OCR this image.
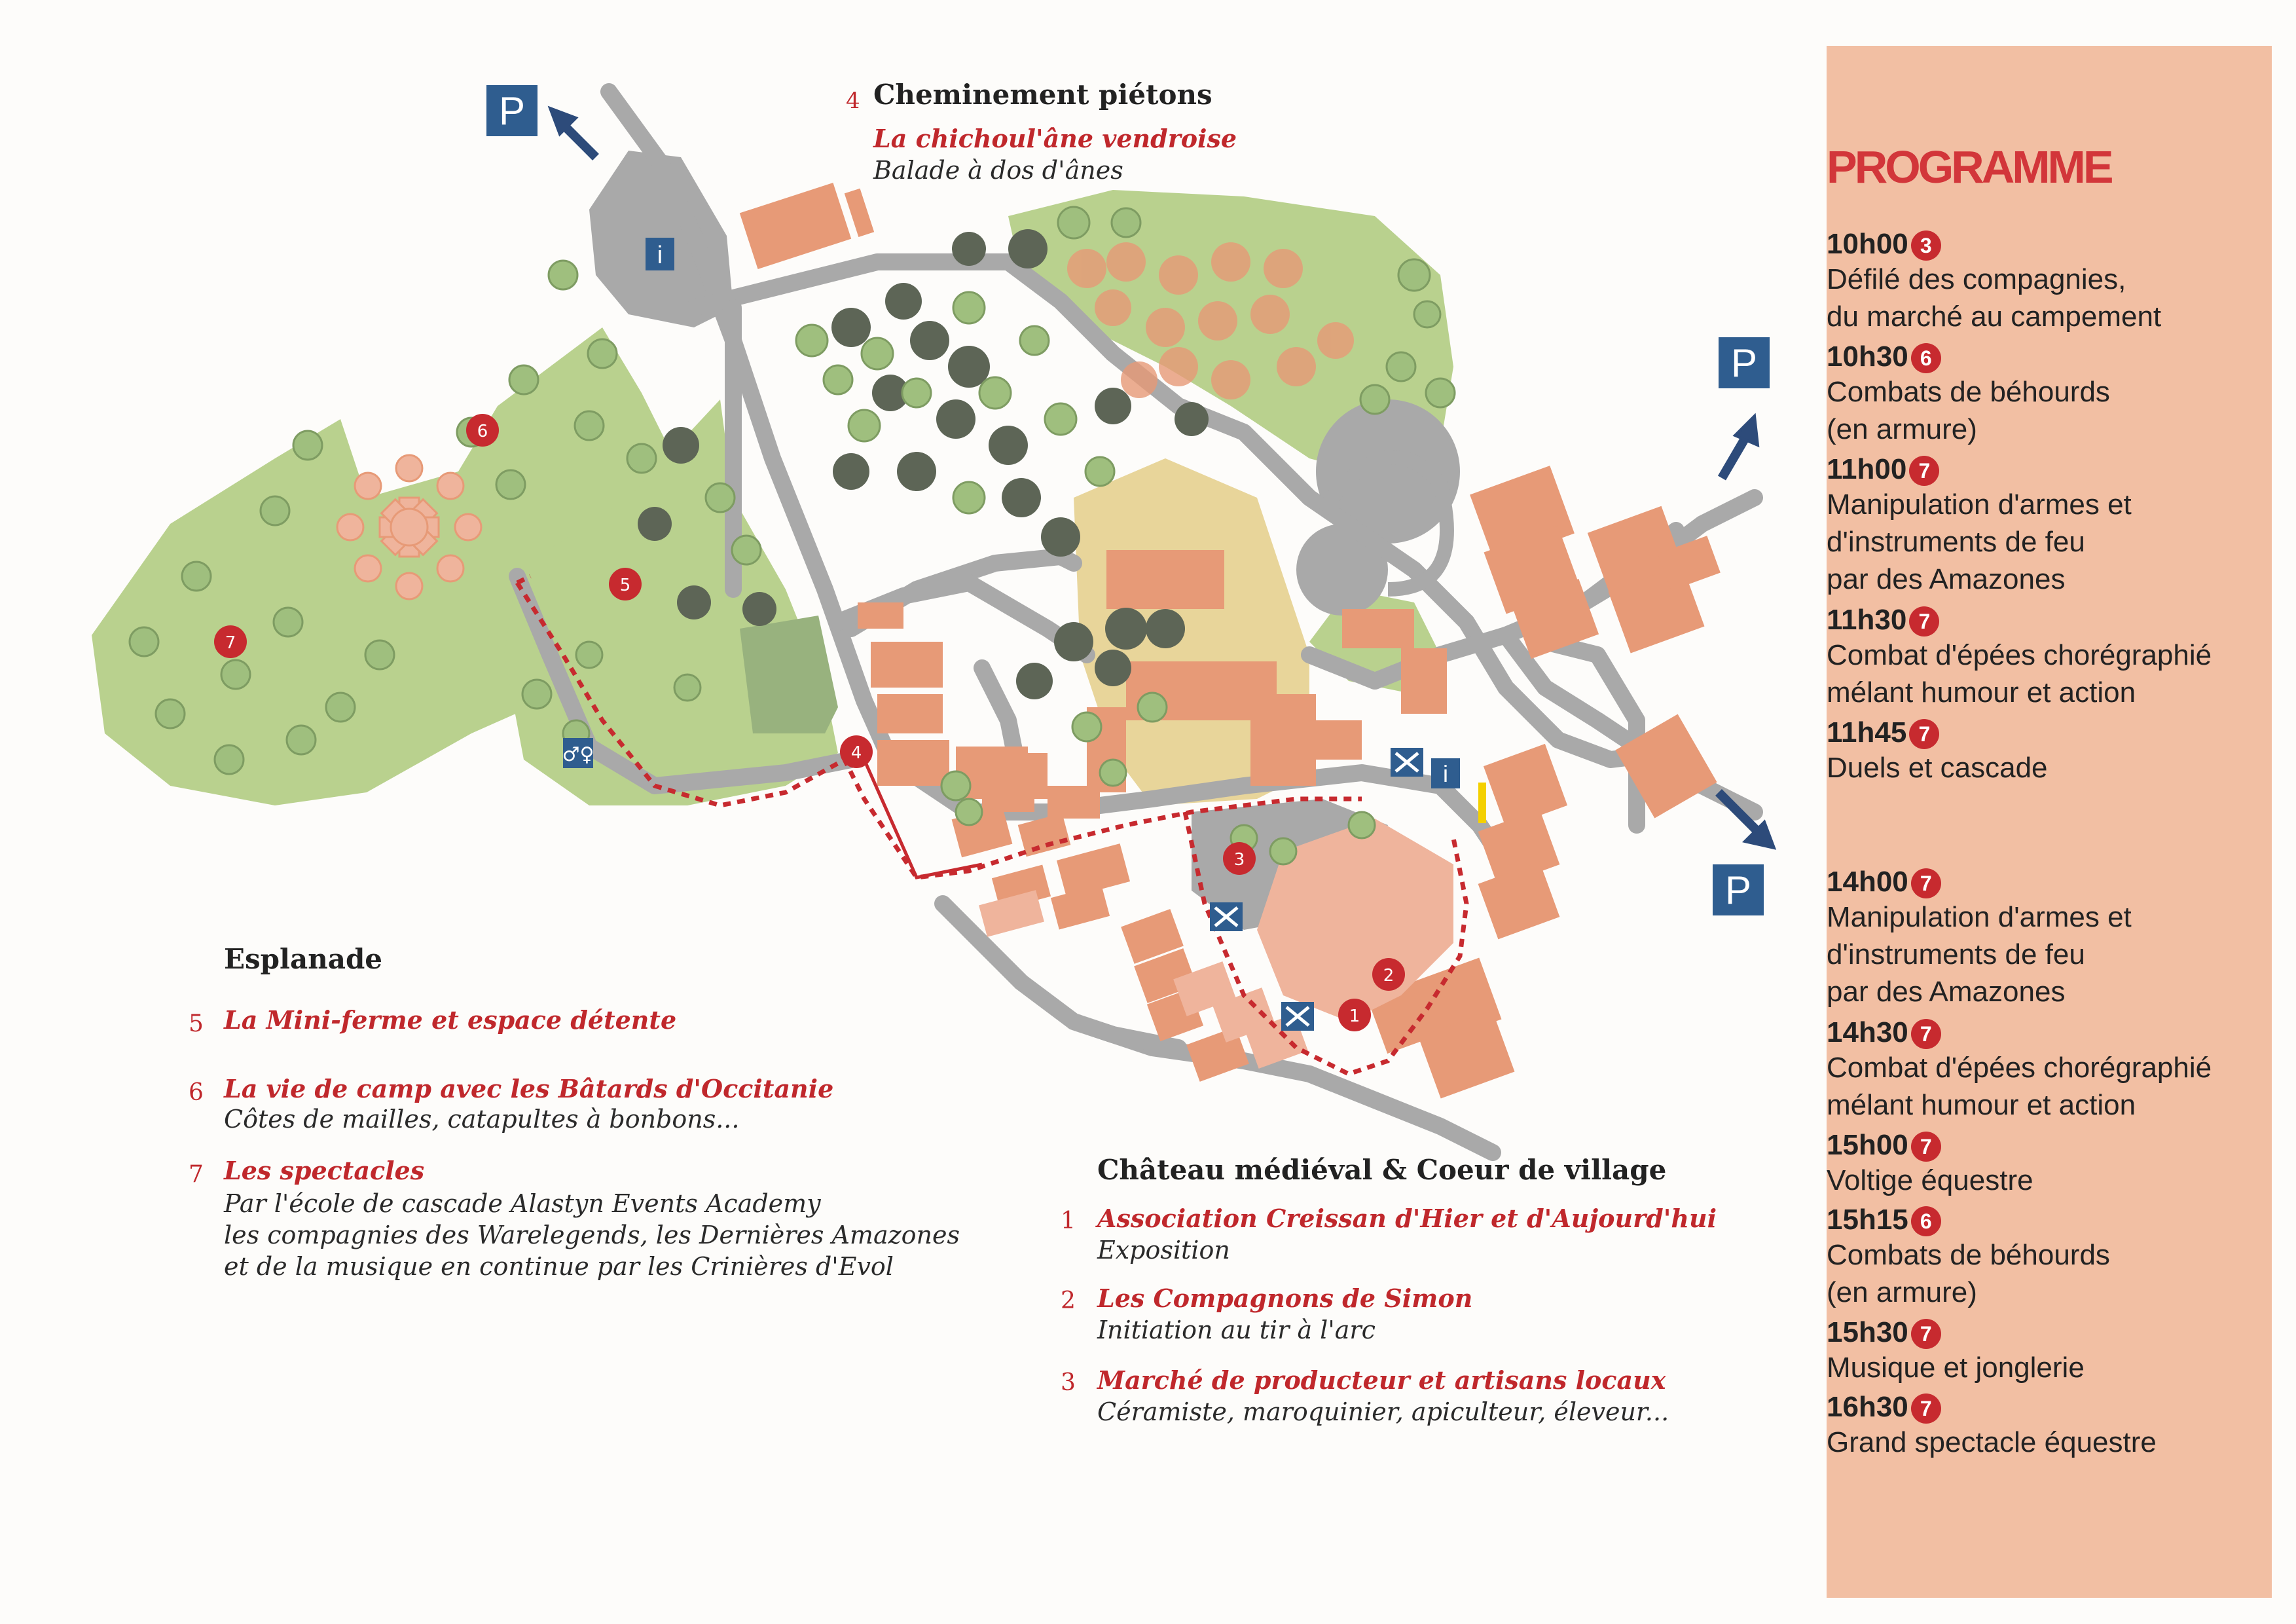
P
P
P
i
i
♂♀
1
2
3
4
5
6
7
4 Cheminement piétons
La chichoul'âne vendroise
Balade à dos d'ânes
Esplanade
5 La Mini-ferme et espace détente
6 La vie de camp avec les Bâtards d'Occitanie
Côtes de mailles, catapultes à bonbons...
7 Les spectacles
Par l'école de cascade Alastyn Events Academy
les compagnies des Warelegends, les Dernières Amazones
et de la musique en continue par les Crinières d'Evol
Château médiéval & Coeur de village
1 Association Creissan d'Hier et d'Aujourd'hui
Exposition
2 Les Compagnons de Simon
Initiation au tir à l'arc
3 Marché de producteur et artisans locaux
Céramiste, maroquinier, apiculteur, éleveur...
PROGRAMME
10h00 3
Défilé des compagnies,
du marché au campement
10h30 6
Combats de béhourds
(en armure)
11h00 7
Manipulation d'armes et
d'instruments de feu
par des Amazones
11h30 7
Combat d'épées chorégraphié
mélant humour et action
11h45 7
Duels et cascade
14h00 7
Manipulation d'armes et
d'instruments de feu
par des Amazones
14h30 7
Combat d'épées chorégraphié
mélant humour et action
15h00 7
Voltige équestre
15h15 6
Combats de béhourds
(en armure)
15h30 7
Musique et jonglerie
16h30 7
Grand spectacle équestre
